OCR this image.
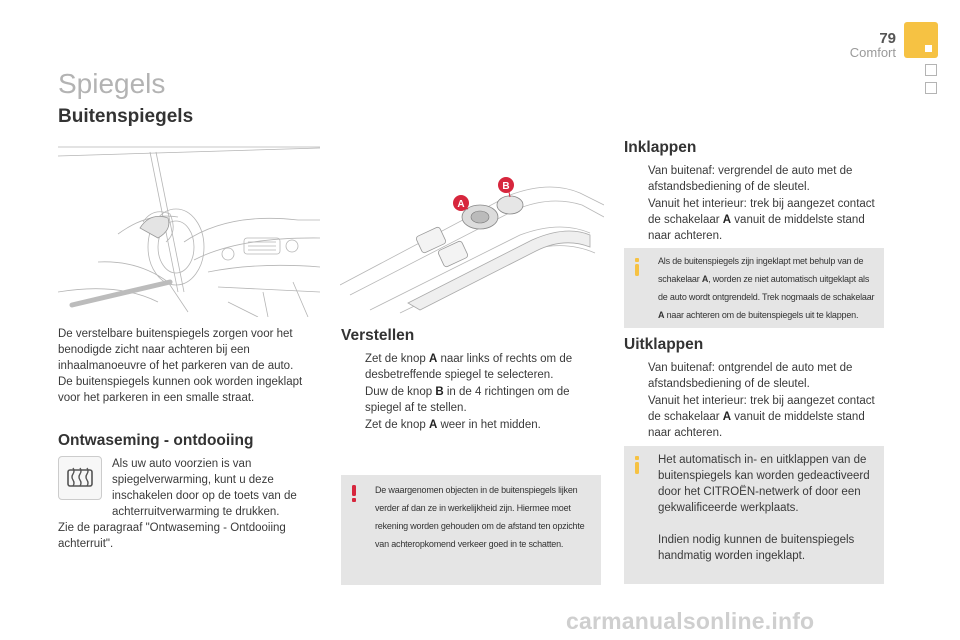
79
Comfort
Spiegels
Buitenspiegels
A
B

De verstelbare buitenspiegels zorgen voor het benodigde zicht naar achteren bij een inhaalmanoeuvre of het parkeren van de auto. De buitenspiegels kunnen ook worden ingeklapt voor het parkeren in een smalle straat.

Ontwaseming - ontdooiing

Als uw auto voorzien is van spiegelverwarming, kunt u deze inschakelen door op de toets van de achterruitverwarming te drukken.

Zie de paragraaf "Ontwaseming - Ontdooiing achterruit".

Verstellen
Zet de knop A naar links of rechts om de desbetreffende spiegel te selecteren.
Duw de knop B in de 4 richtingen om de spiegel af te stellen.
Zet de knop A weer in het midden.

De waargenomen objecten in de buitenspiegels lijken verder af dan ze in werkelijkheid zijn. Hiermee moet rekening worden gehouden om de afstand ten opzichte van achteropkomend verkeer goed in te schatten.

Inklappen
Van buitenaf: vergrendel de auto met de afstandsbediening of de sleutel.
Vanuit het interieur: trek bij aangezet contact de schakelaar A vanuit de middelste stand naar achteren.

Als de buitenspiegels zijn ingeklapt met behulp van de schakelaar A, worden ze niet automatisch uitgeklapt als de auto wordt ontgrendeld. Trek nogmaals de schakelaar A naar achteren om de buitenspiegels uit te klappen.

Uitklappen
Van buitenaf: ontgrendel de auto met de afstandsbediening of de sleutel.
Vanuit het interieur: trek bij aangezet contact de schakelaar A vanuit de middelste stand naar achteren.

Het automatisch in- en uitklappen van de buitenspiegels kan worden gedeactiveerd door het CITROËN-netwerk of door een gekwalificeerde werkplaats.

Indien nodig kunnen de buitenspiegels handmatig worden ingeklapt.

carmanualsonline.info
